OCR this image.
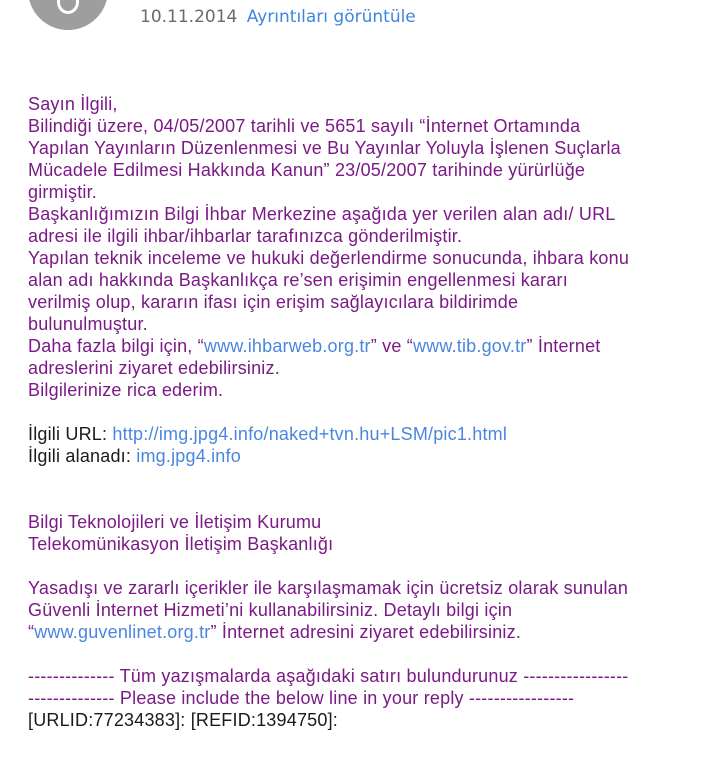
10.11.2014 Ayrıntıları görüntüle
Sayın İlgili,
Bilindiği üzere, 04/05/2007 tarihli ve 5651 sayılı “İnternet Ortamında
Yapılan Yayınların Düzenlenmesi ve Bu Yayınlar Yoluyla İşlenen Suçlarla
Mücadele Edilmesi Hakkında Kanun” 23/05/2007 tarihinde yürürlüğe
girmiştir.
Başkanlığımızın Bilgi İhbar Merkezine aşağıda yer verilen alan adı/ URL
adresi ile ilgili ihbar/ihbarlar tarafınızca gönderilmiştir.
Yapılan teknik inceleme ve hukuki değerlendirme sonucunda, ihbara konu
alan adı hakkında Başkanlıkça re’sen erişimin engellenmesi kararı
verilmiş olup, kararın ifası için erişim sağlayıcılara bildirimde
bulunulmuştur.
Daha fazla bilgi için, “www.ihbarweb.org.tr” ve “www.tib.gov.tr” İnternet
adreslerini ziyaret edebilirsiniz.
Bilgilerinize rica ederim.
İlgili URL: http://img.jpg4.info/naked+tvn.hu+LSM/pic1.html
İlgili alanadı: img.jpg4.info
Bilgi Teknolojileri ve İletişim Kurumu
Telekomünikasyon İletişim Başkanlığı
Yasadışı ve zararlı içerikler ile karşılaşmamak için ücretsiz olarak sunulan
Güvenli İnternet Hizmeti’ni kullanabilirsiniz. Detaylı bilgi için
“www.guvenlinet.org.tr” İnternet adresini ziyaret edebilirsiniz.
-------------- Tüm yazışmalarda aşağıdaki satırı bulundurunuz -----------------
-------------- Please include the below line in your reply -----------------
[URLID:77234383]: [REFID:1394750]:
